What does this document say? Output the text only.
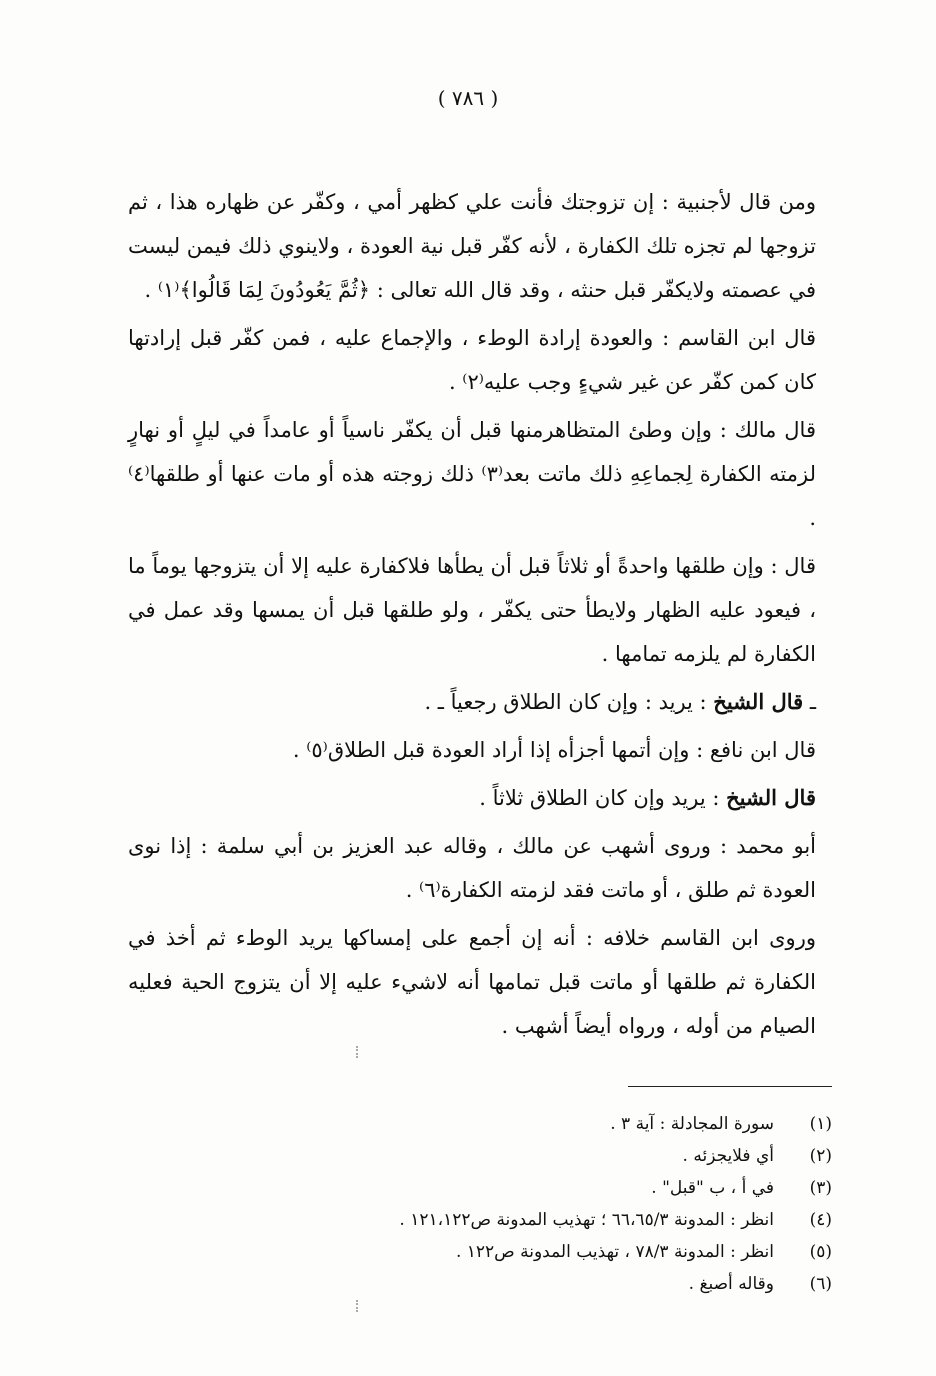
( ٧٨٦ )

ومن قال لأجنبية : إن تزوجتك فأنت علي كظهر أمي ، وكفّر عن ظهاره هذا ، ثم تزوجها لم تجزه تلك الكفارة ، لأنه كفّر قبل نية العودة ، ولاينوي ذلك فيمن ليست في عصمته ولايكفّر قبل حنثه ، وقد قال الله تعالى : ﴿ثُمَّ يَعُودُونَ لِمَا قَالُوا﴾⁽١⁾ .

قال ابن القاسم : والعودة إرادة الوطء ، والإجماع عليه ، فمن كفّر قبل إرادتها كان كمن كفّر عن غير شيءٍ وجب عليه⁽٢⁾ .

قال مالك : وإن وطئ المتظاهرمنها قبل أن يكفّر ناسياً أو عامداً في ليلٍ أو نهارٍ لزمته الكفارة لِجماعِهِ ذلك ماتت بعد⁽٣⁾ ذلك زوجته هذه أو مات عنها أو طلقها⁽٤⁾ .

قال : وإن طلقها واحدةً أو ثلاثاً قبل أن يطأها فلاكفارة عليه إلا أن يتزوجها يوماً ما ، فيعود عليه الظهار ولايطأ حتى يكفّر ، ولو طلقها قبل أن يمسها وقد عمل في الكفارة لم يلزمه تمامها .

ـ قال الشيخ : يريد : وإن كان الطلاق رجعياً ـ .

قال ابن نافع : وإن أتمها أجزأه إذا أراد العودة قبل الطلاق⁽٥⁾ .

قال الشيخ : يريد وإن كان الطلاق ثلاثاً .

أبو محمد : وروى أشهب عن مالك ، وقاله عبد العزيز بن أبي سلمة : إذا نوى العودة ثم طلق ، أو ماتت فقد لزمته الكفارة⁽٦⁾ .

وروى ابن القاسم خلافه : أنه إن أجمع على إمساكها يريد الوطء ثم أخذ في الكفارة ثم طلقها أو ماتت قبل تمامها أنه لاشيء عليه إلا أن يتزوج الحية فعليه الصيام من أوله ، ورواه أيضاً أشهب .

(١)
سورة المجادلة : آية ٣ .
(٢)
أي فلايجزئه .
(٣)
في أ ، ب "قبل" .
(٤)
انظر : المدونة ٦٦،٦٥/٣ ؛ تهذيب المدونة ص١٢١،١٢٢ .
(٥)
انظر : المدونة ٧٨/٣ ، تهذيب المدونة ص١٢٢ .
(٦)
وقاله أصبغ .
